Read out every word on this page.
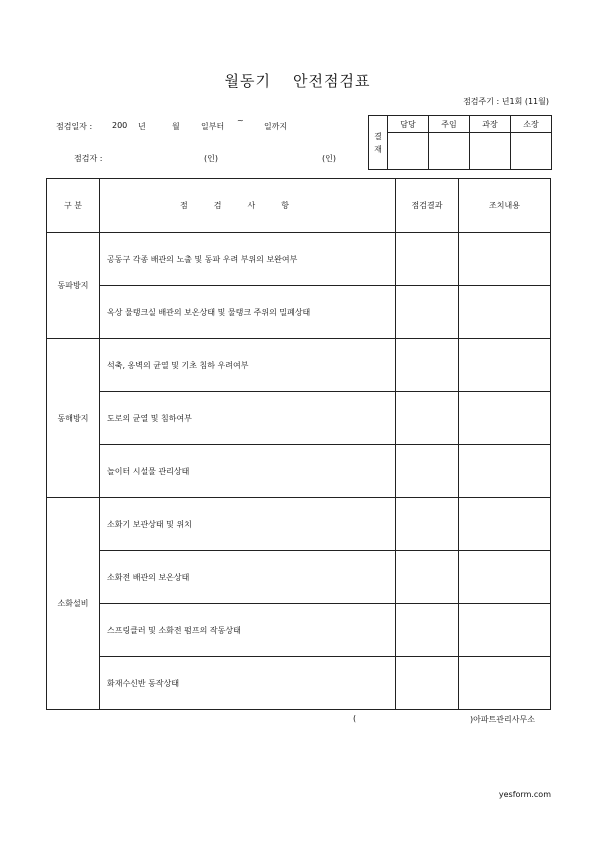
월동기 안전점검표
점검주기 : 년1회 (11월)
점검일자 : 200 년	월	일부터
~
일까지
점검자 :	(인)	(인)
결
재	담당	주임	과장	소장

구 분	점검사항	점검결과	조치내용
동파방지	공동구 각종 배관의 노출 및 동파 우려 부위의 보완여부		
	옥상 물탱크실 배관의 보온상태 및 물탱크 주위의 밀폐상태		
동해방지	석축, 옹벽의 균열 및 기초 침하 우려여부		
	도로의 균열 및 침하여부		
	놀이터 시설물 관리상태		
소화설비	소화기 보관상태 및 위치		
	소화전 배관의 보온상태		
	스프링클러 및 소화전 펌프의 작동상태		
	화재수신반 동작상태		
(	)아파트관리사무소
yesform.com
